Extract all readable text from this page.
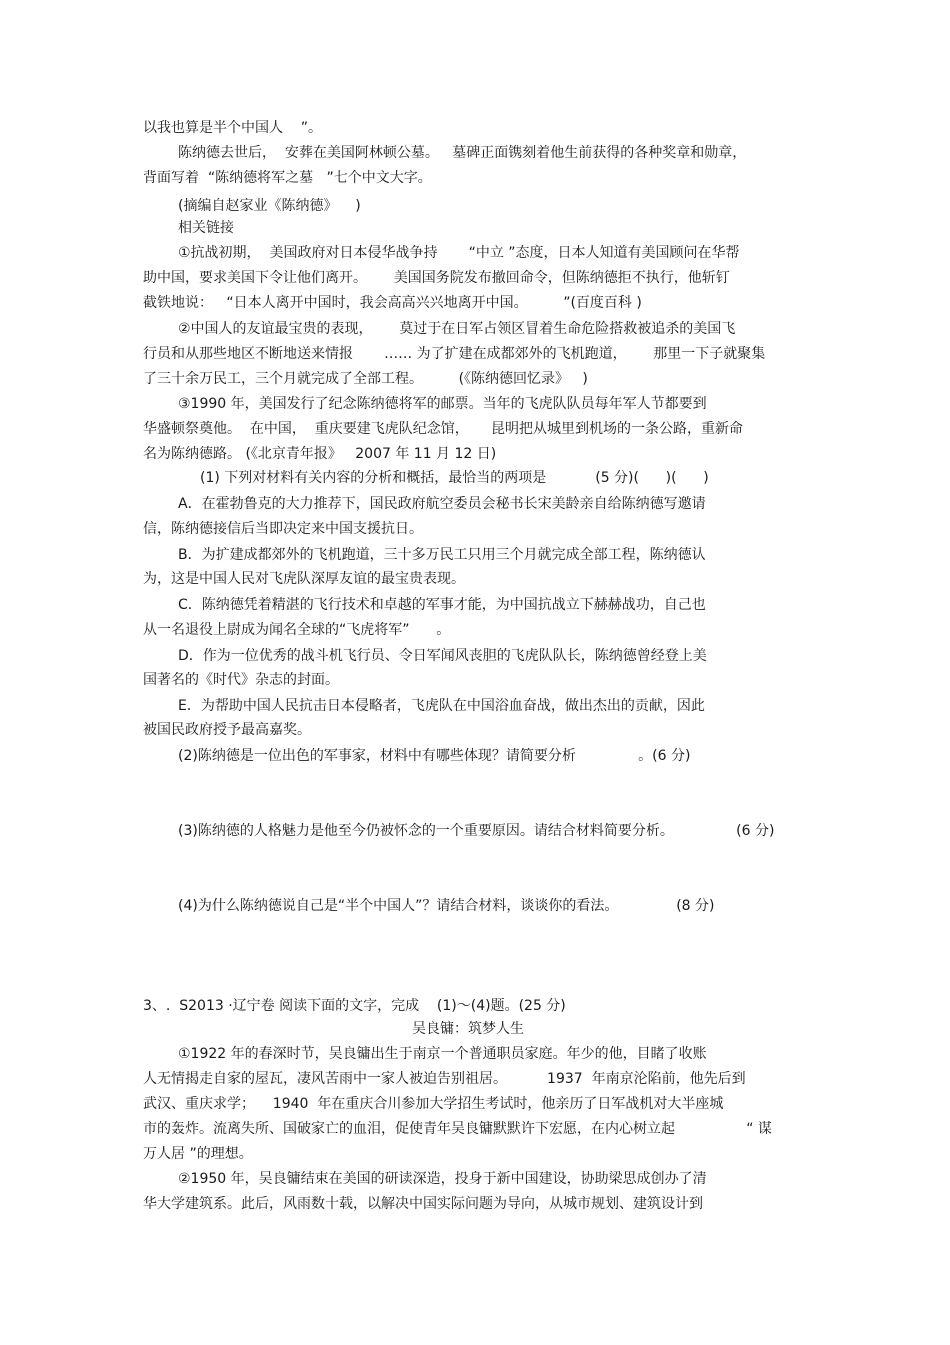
以我也算是半个中国人    ”。
陈纳德去世后，  安葬在美国阿林顿公墓。   墓碑正面镌刻着他生前获得的各种奖章和勋章，
背面写着  “陈纳德将军之墓   ”七个中文大字。
(摘编自赵家业《陈纳德》    )
相关链接
①抗战初期，  美国政府对日本侵华战争持       “中立 ”态度，日本人知道有美国顾问在华帮
助中国，要求美国下令让他们离开。      美国国务院发布撤回命令，但陈纳德拒不执行，他斩钉
截铁地说：   “日本人离开中国时，我会高高兴兴地离开中国。        ”(百度百科 )
②中国人的友谊最宝贵的表现，      莫过于在日军占领区冒着生命危险搭救被追杀的美国飞
行员和从那些地区不断地送来情报       …… 为了扩建在成都郊外的飞机跑道，      那里一下子就聚集
了三十余万民工，三个月就完成了全部工程。        (《陈纳德回忆录》   )
③1990 年，美国发行了纪念陈纳德将军的邮票。当年的飞虎队队员每年军人节都要到
华盛顿祭奠他。  在中国，  重庆要建飞虎队纪念馆，     昆明把从城里到机场的一条公路，重新命
名为陈纳德路。 (《北京青年报》   2007 年 11 月 12 日)
(1) 下列对材料有关内容的分析和概括，最恰当的两项是           (5 分)(      )(      )
A．在霍勃鲁克的大力推荐下，国民政府航空委员会秘书长宋美龄亲自给陈纳德写邀请
信，陈纳德接信后当即决定来中国支援抗日。
B．为扩建成都郊外的飞机跑道，三十多万民工只用三个月就完成全部工程，陈纳德认
为，这是中国人民对飞虎队深厚友谊的最宝贵表现。
C．陈纳德凭着精湛的飞行技术和卓越的军事才能，为中国抗战立下赫赫战功，自己也
从一名退役上尉成为闻名全球的“飞虎将军”      。
D．作为一位优秀的战斗机飞行员、令日军闻风丧胆的飞虎队队长，陈纳德曾经登上美
国著名的《时代》杂志的封面。
E．为帮助中国人民抗击日本侵略者，飞虎队在中国浴血奋战，做出杰出的贡献，因此
被国民政府授予最高嘉奖。
(2)陈纳德是一位出色的军事家，材料中有哪些体现？请简要分析              。(6 分)
(3)陈纳德的人格魅力是他至今仍被怀念的一个重要原因。请结合材料简要分析。              (6 分)
(4)为什么陈纳德说自己是“半个中国人”？请结合材料，谈谈你的看法。             (8 分)
3、.  S2013 ·辽宁卷 阅读下面的文字，完成    (1)～(4)题。(25 分)
吴良镛：筑梦人生
①1922 年的春深时节，吴良镛出生于南京一个普通职员家庭。年少的他，目睹了收账
人无情揭走自家的屋瓦，凄风苦雨中一家人被迫告别祖居。         1937  年南京沦陷前，他先后到
武汉、重庆求学；    1940  年在重庆合川参加大学招生考试时，他亲历了日军战机对大半座城
市的轰炸。流离失所、国破家亡的血泪，促使青年吴良镛默默许下宏愿，在内心树立起                “ 谋
万人居 ”的理想。
②1950 年，吴良镛结束在美国的研读深造，投身于新中国建设，协助梁思成创办了清
华大学建筑系。此后，风雨数十载，以解决中国实际问题为导向，从城市规划、建筑设计到
